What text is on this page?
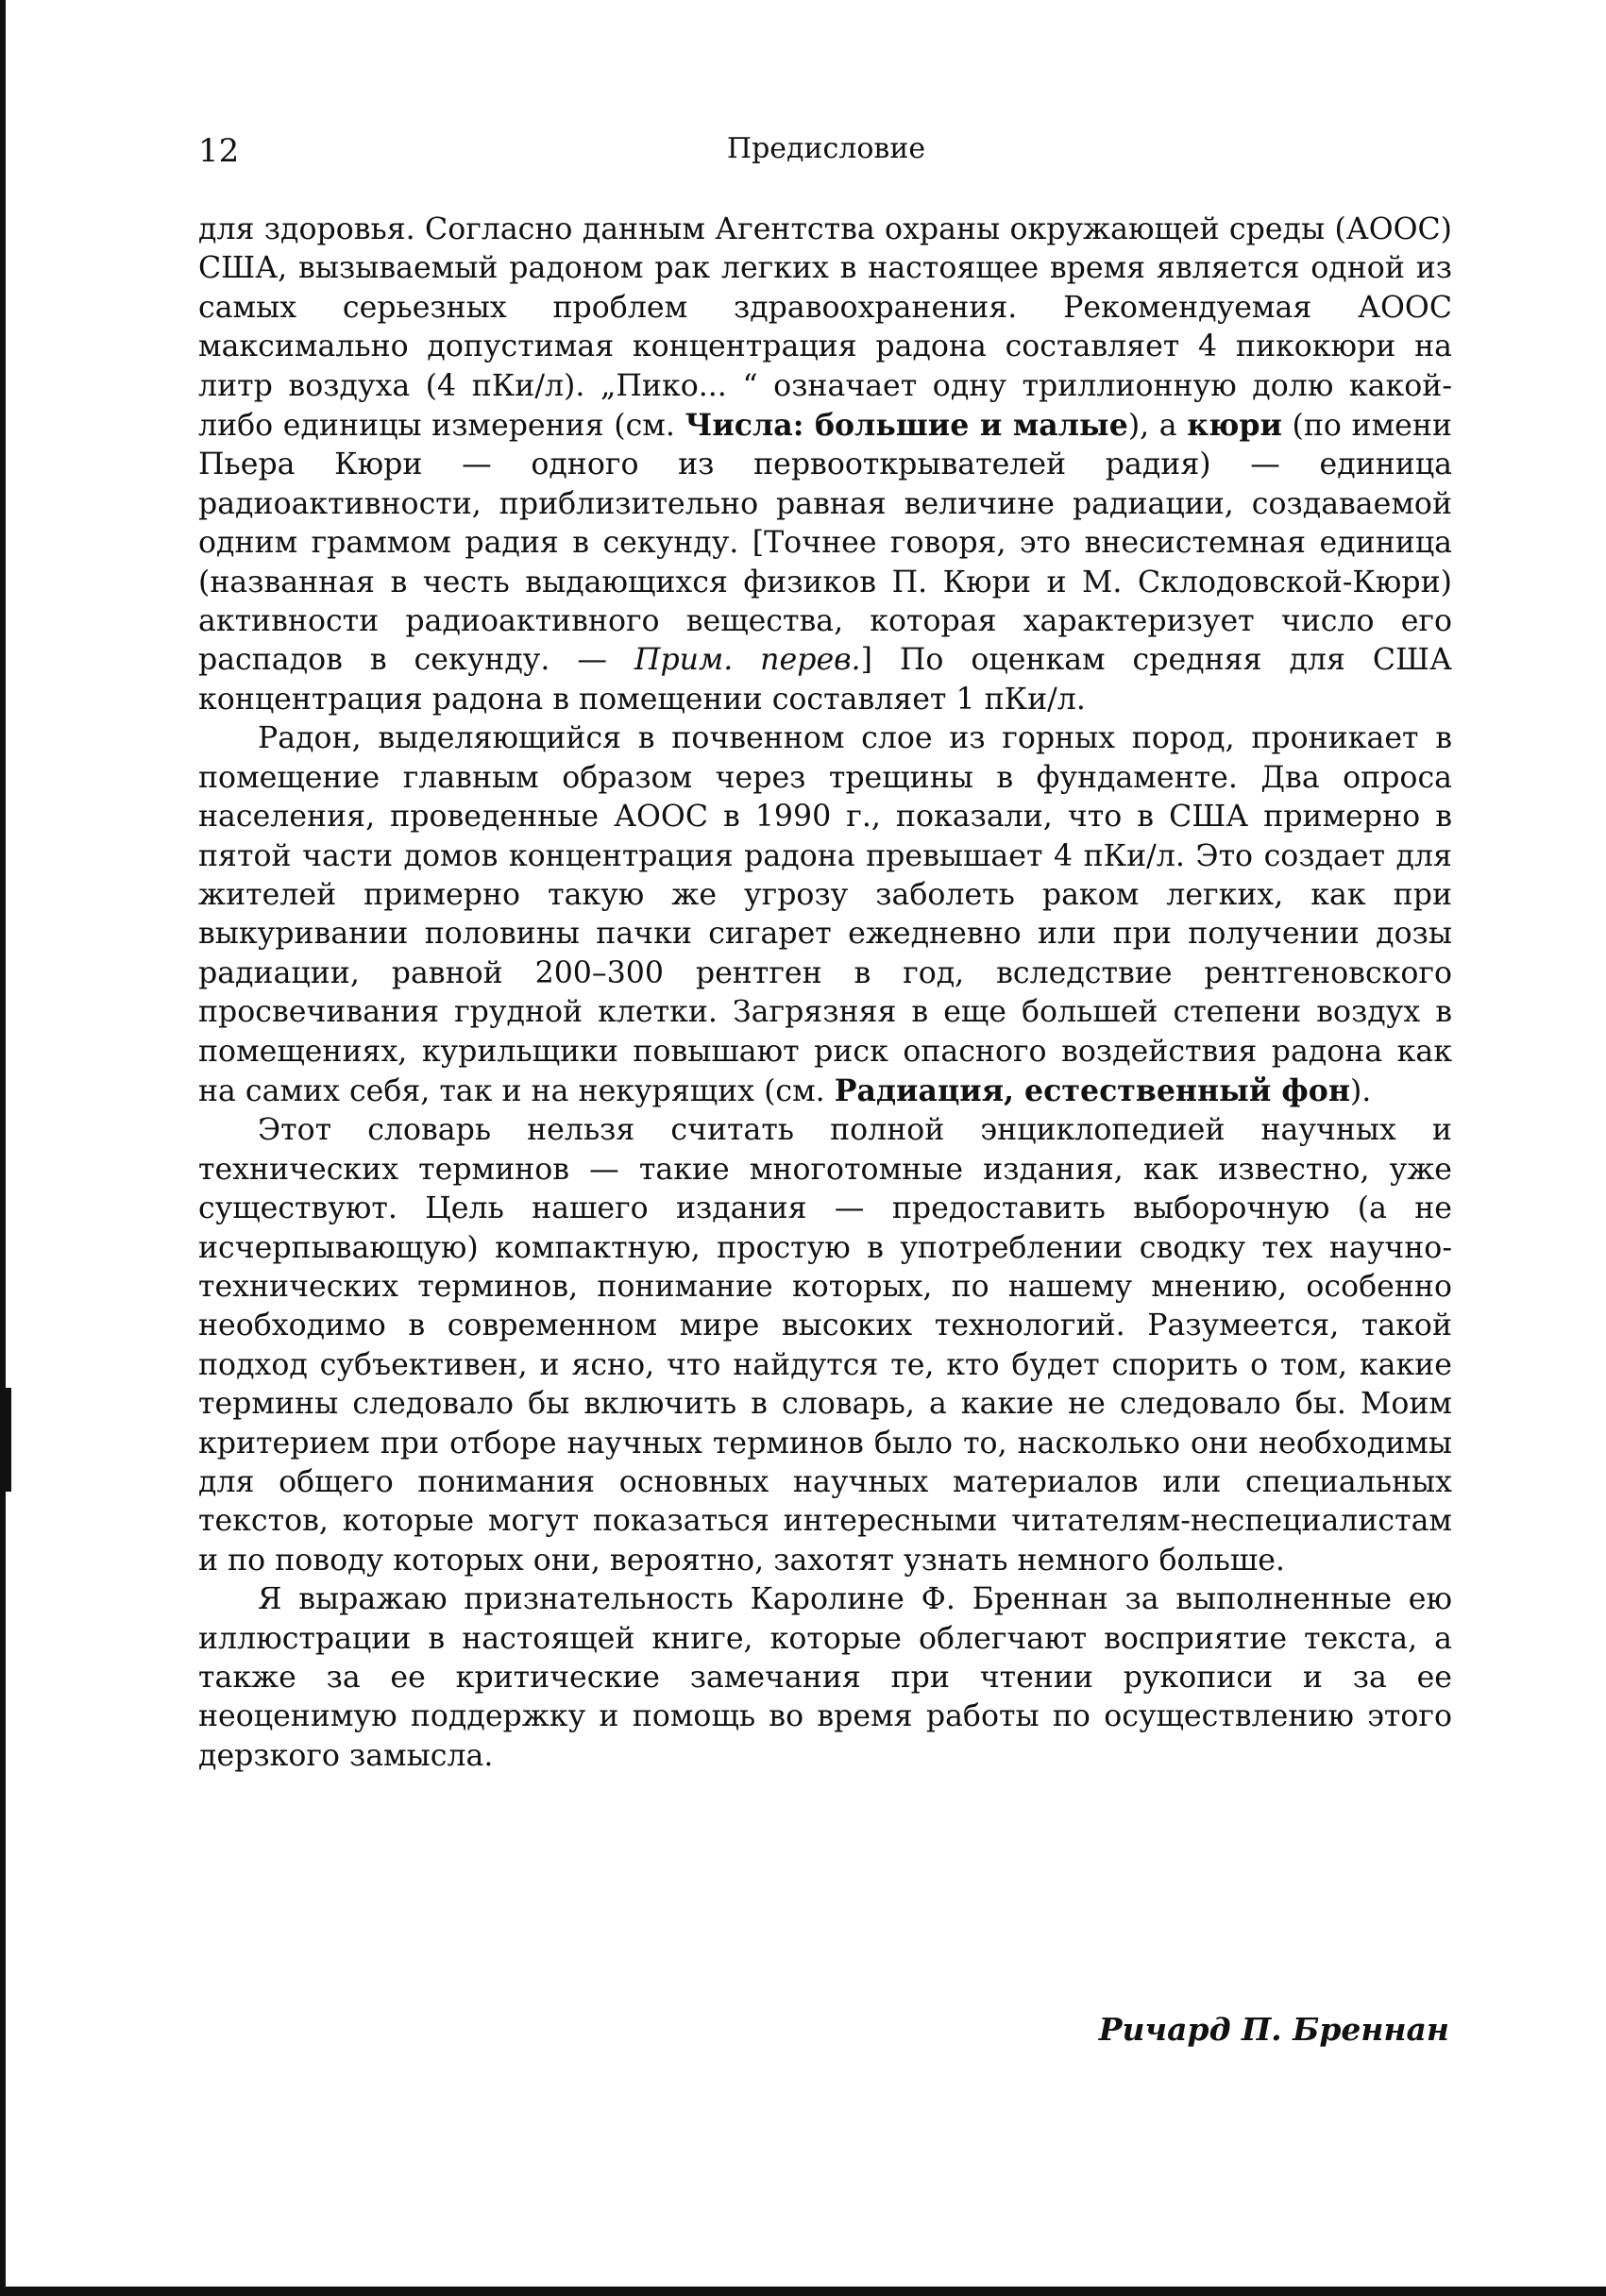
12	Предисловие

для здоровья. Согласно данным Агентства охраны окружающей среды (АООС) США, вызываемый радоном рак легких в настоящее время является одной из самых серьезных проблем здравоохранения. Рекомендуемая АООС максимально допустимая концентрация радона составляет 4 пикокюри на литр воздуха (4 пКи/л). „Пико... “ означает одну триллионную долю какой-либо единицы измерения (см. Числа: большие и малые), а кюри (по имени Пьера Кюри — одного из первооткрывателей радия) — единица радиоактивности, приблизительно равная величине радиации, создаваемой одним граммом радия в секунду. [Точнее говоря, это внесистемная единица (названная в честь выдающихся физиков П. Кюри и М. Склодовской-Кюри) активности радиоактивного вещества, которая характеризует число его распадов в секунду. — Прим. перев.] По оценкам средняя для США концентрация радона в помещении составляет 1 пКи/л.

Радон, выделяющийся в почвенном слое из горных пород, проникает в помещение главным образом через трещины в фундаменте. Два опроса населения, проведенные АООС в 1990 г., показали, что в США примерно в пятой части домов концентрация радона превышает 4 пКи/л. Это создает для жителей примерно такую же угрозу заболеть раком легких, как при выкуривании половины пачки сигарет ежедневно или при получении дозы радиации, равной 200–300 рентген в год, вследствие рентгеновского просвечивания грудной клетки. Загрязняя в еще большей степени воздух в помещениях, курильщики повышают риск опасного воздействия радона как на самих себя, так и на некурящих (см. Радиация, естественный фон).

Этот словарь нельзя считать полной энциклопедией научных и технических терминов — такие многотомные издания, как известно, уже существуют. Цель нашего издания — предоставить выборочную (а не исчерпывающую) компактную, простую в употреблении сводку тех научно-технических терминов, понимание которых, по нашему мнению, особенно необходимо в современном мире высоких технологий. Разумеется, такой подход субъективен, и ясно, что найдутся те, кто будет спорить о том, какие термины следовало бы включить в словарь, а какие не следовало бы. Моим критерием при отборе научных терминов было то, насколько они необходимы для общего понимания основных научных материалов или специальных текстов, которые могут показаться интересными читателям-неспециалистам и по поводу которых они, вероятно, захотят узнать немного больше.

Я выражаю признательность Каролине Ф. Бреннан за выполненные ею иллюстрации в настоящей книге, которые облегчают восприятие текста, а также за ее критические замечания при чтении рукописи и за ее неоценимую поддержку и помощь во время работы по осуществлению этого дерзкого замысла.

Ричард П. Бреннан
